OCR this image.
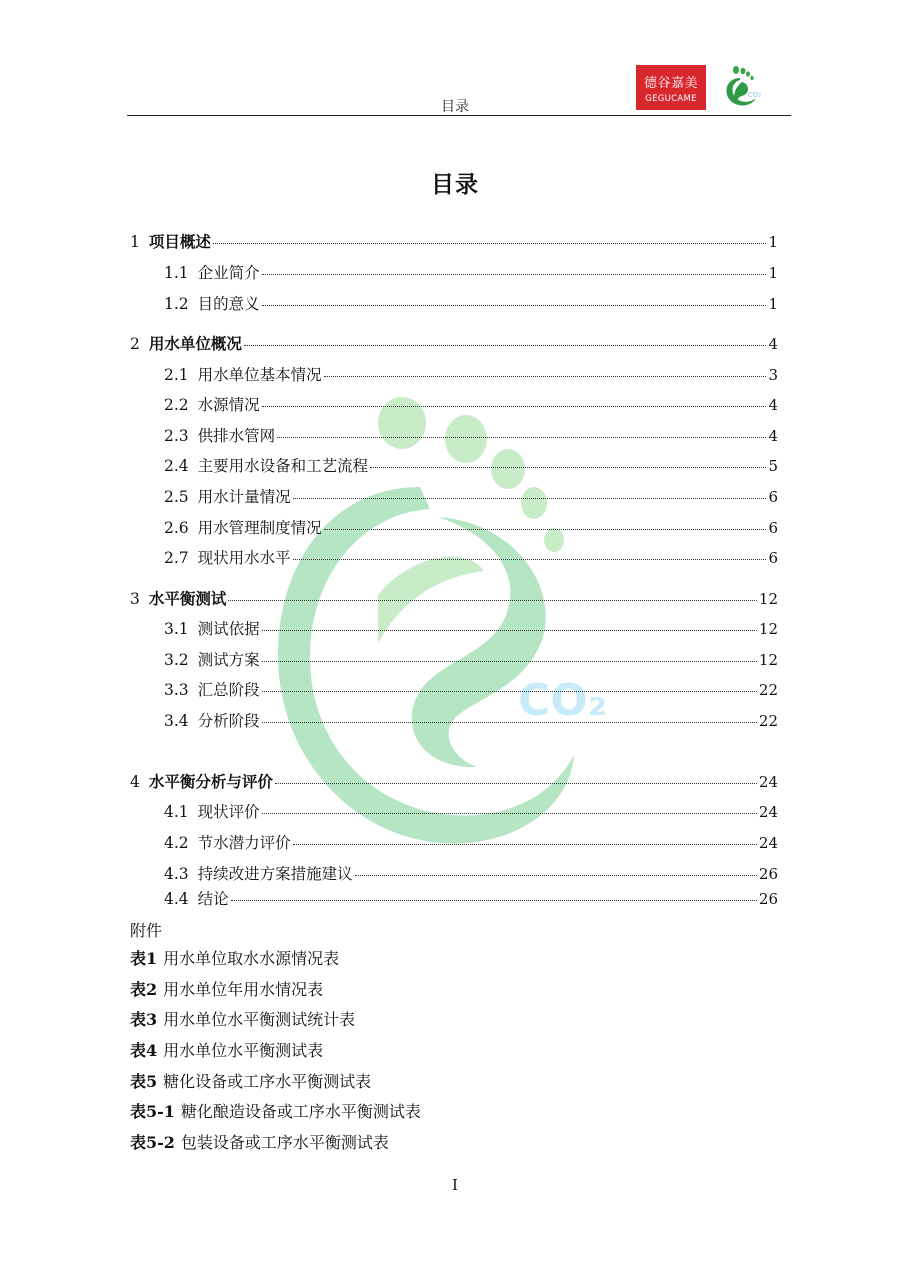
目录
德谷嘉美
GEGUCAME	CO₂
CO₂
目录
1 项目概述	1
1.1 企业简介	1
1.2 目的意义	1
2 用水单位概况	4
2.1 用水单位基本情况	3
2.2 水源情况	4
2.3 供排水管网	4
2.4 主要用水设备和工艺流程	5
2.5 用水计量情况	6
2.6 用水管理制度情况	6
2.7 现状用水水平	6
3 水平衡测试	12
3.1 测试依据	12
3.2 测试方案	12
3.3 汇总阶段	22
3.4 分析阶段	22
4 水平衡分析与评价	24
4.1 现状评价	24
4.2 节水潜力评价	24
4.3 持续改进方案措施建议	26
4.4 结论	26
附件
表1 用水单位取水水源情况表
表2 用水单位年用水情况表
表3 用水单位水平衡测试统计表
表4 用水单位水平衡测试表
表5 糖化设备或工序水平衡测试表
表5-1 糖化酿造设备或工序水平衡测试表
表5-2 包装设备或工序水平衡测试表
I
